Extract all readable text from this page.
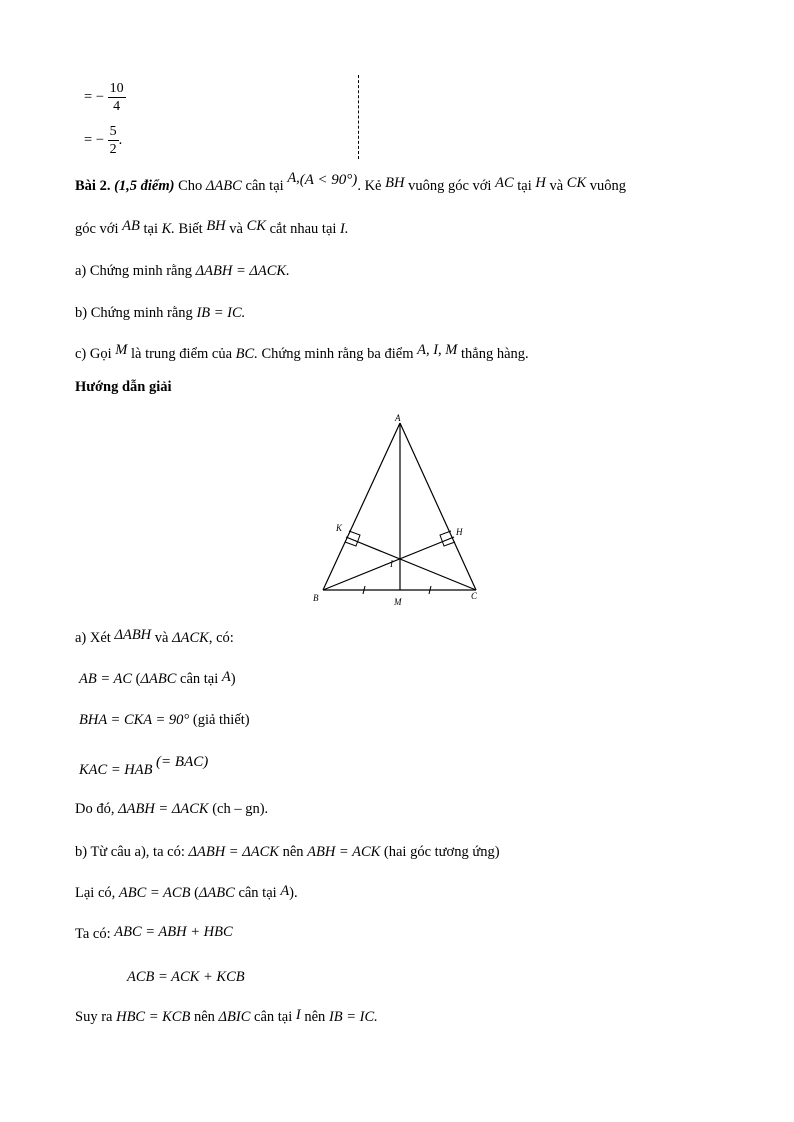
= − $\frac{10}{4}$
= − $\frac{5}{2}$ .
Bài 2. (1,5 điểm) Cho ΔABC cân tại A,(A < 90°). Kẻ BH vuông góc với AC tại H và CK vuông
góc với AB tại K. Biết BH và CK cắt nhau tại I.
a) Chứng minh rằng ΔABH = ΔACK.
b) Chứng minh rằng IB = IC.
c) Gọi M là trung điểm của BC. Chứng minh rằng ba điểm A, I, M thẳng hàng.
Hướng dẫn giải
A
B	C
H
K
I
M
a) Xét ΔABH và ΔACK, có:
AB = AC (ΔABC cân tại A)
BHA = CKA = 90° (giả thiết)
KAC = HAB (= BAC)
Do đó, ΔABH = ΔACK (ch – gn).
b) Từ câu a), ta có: ΔABH = ΔACK nên ABH = ACK (hai góc tương ứng)
Lại có, ABC = ACB (ΔABC cân tại A).
Ta có: ABC = ABH + HBC
ACB = ACK + KCB
Suy ra HBC = KCB nên ΔBIC cân tại I nên IB = IC.
